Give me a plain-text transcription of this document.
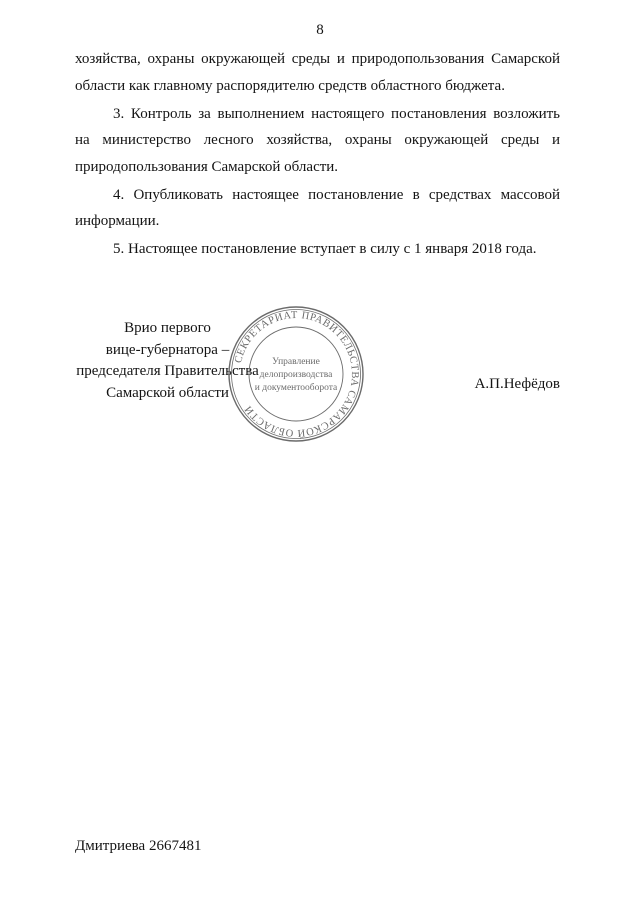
8

хозяйства, охраны окружающей среды и природопользования Самарской области как главному распорядителю средств областного бюджета.

3. Контроль за выполнением настоящего постановления возложить на министерство лесного хозяйства, охраны окружающей среды и природопользования Самарской области.

4. Опубликовать настоящее постановление в средствах массовой информации.

5. Настоящее постановление вступает в силу с 1 января 2018 года.

Врио первого
вице-губернатора –
председателя Правительства
Самарской области
А.П.Нефёдов
СЕКРЕТАРИАТ ПРАВИТЕЛЬСТВА САМАРСКОЙ ОБЛАСТИ
Управление
делопроизводства
и документооборота
Дмитриева 2667481
